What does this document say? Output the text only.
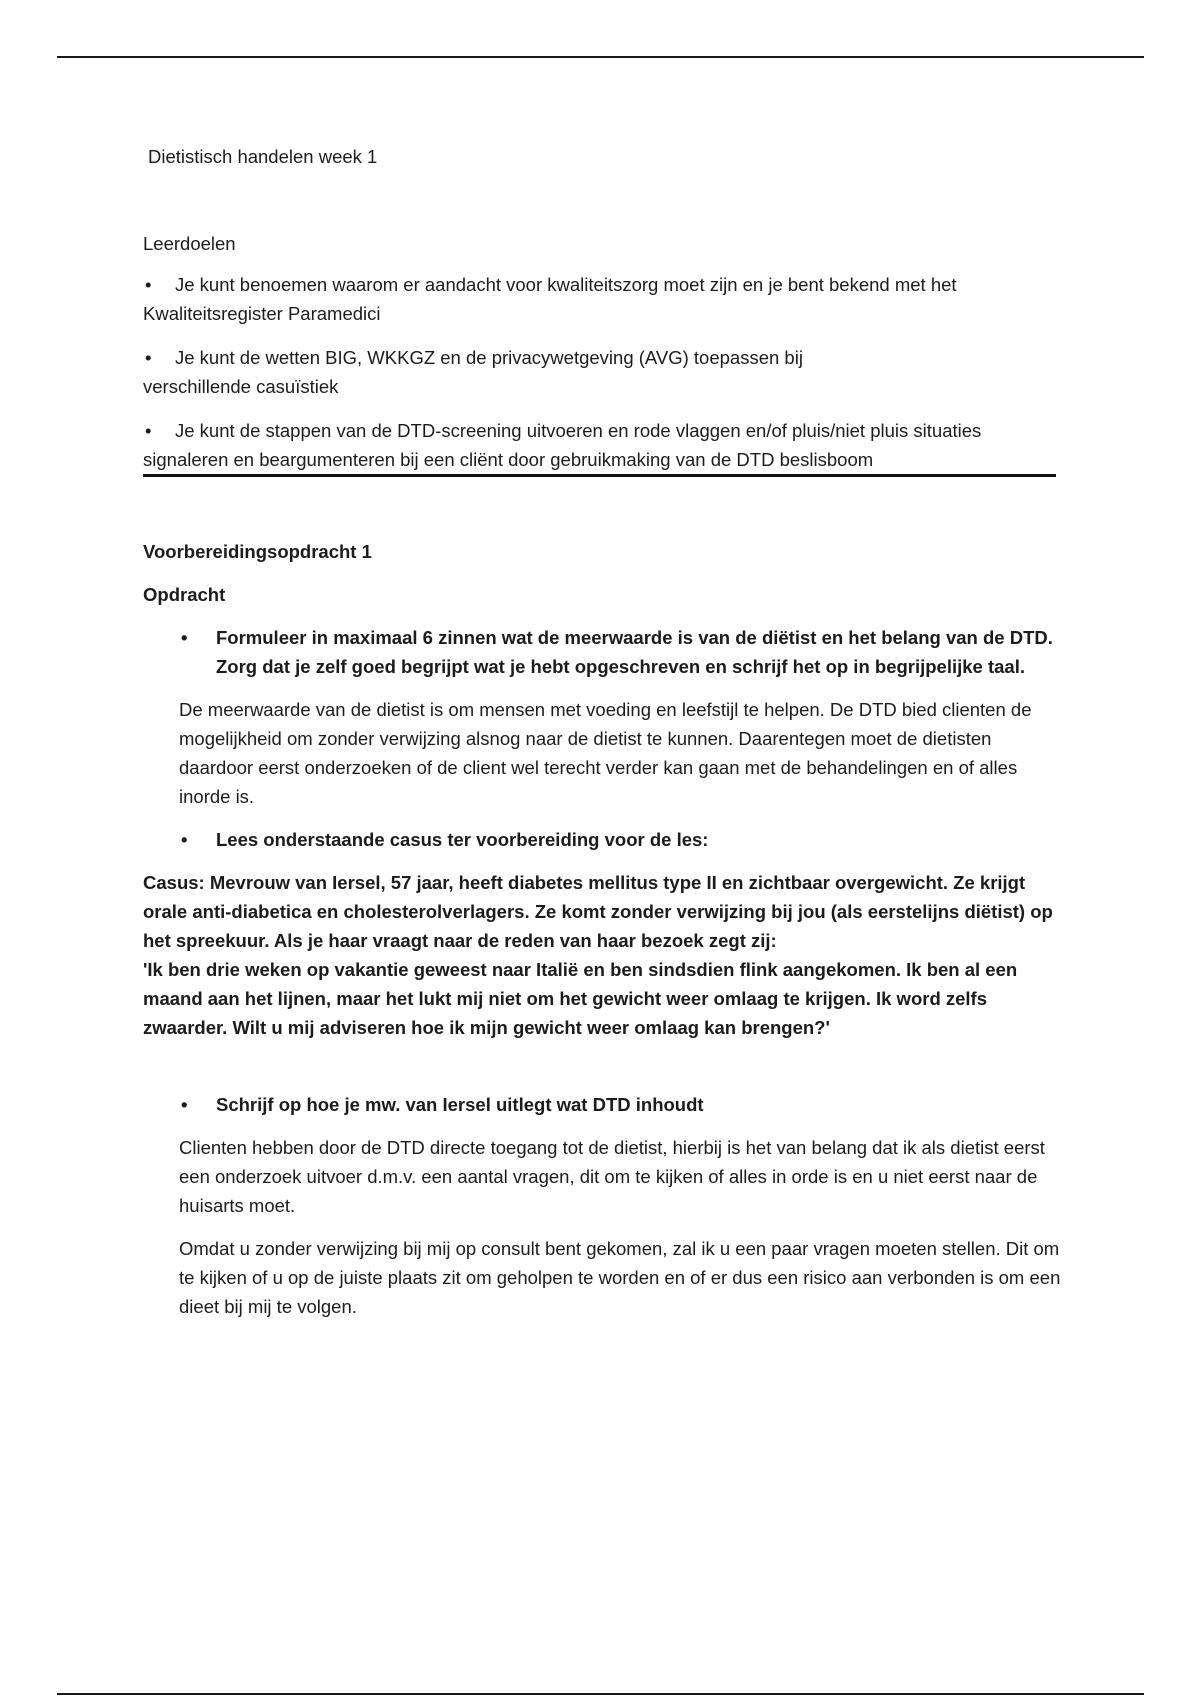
Dietistisch handelen week 1

Leerdoelen

• Je kunt benoemen waarom er aandacht voor kwaliteitszorg moet zijn en je bent bekend met het Kwaliteitsregister Paramedici

• Je kunt de wetten BIG, WKKGZ en de privacywetgeving (AVG) toepassen bij verschillende casuïstiek

• Je kunt de stappen van de DTD-screening uitvoeren en rode vlaggen en/of pluis/niet pluis situaties signaleren en beargumenteren bij een cliënt door gebruikmaking van de DTD beslisboom

Voorbereidingsopdracht 1

Opdracht

• Formuleer in maximaal 6 zinnen wat de meerwaarde is van de diëtist en het belang van de DTD. Zorg dat je zelf goed begrijpt wat je hebt opgeschreven en schrijf het op in begrijpelijke taal.

De meerwaarde van de dietist is om mensen met voeding en leefstijl te helpen. De DTD bied clienten de mogelijkheid om zonder verwijzing alsnog naar de dietist te kunnen. Daarentegen moet de dietisten daardoor eerst onderzoeken of de client wel terecht verder kan gaan met de behandelingen en of alles inorde is.

• Lees onderstaande casus ter voorbereiding voor de les:

Casus: Mevrouw van Iersel, 57 jaar, heeft diabetes mellitus type II en zichtbaar overgewicht. Ze krijgt orale anti-diabetica en cholesterolverlagers. Ze komt zonder verwijzing bij jou (als eerstelijns diëtist) op het spreekuur. Als je haar vraagt naar de reden van haar bezoek zegt zij:

'Ik ben drie weken op vakantie geweest naar Italië en ben sindsdien flink aangekomen. Ik ben al een maand aan het lijnen, maar het lukt mij niet om het gewicht weer omlaag te krijgen. Ik word zelfs zwaarder. Wilt u mij adviseren hoe ik mijn gewicht weer omlaag kan brengen?'

• Schrijf op hoe je mw. van Iersel uitlegt wat DTD inhoudt

Clienten hebben door de DTD directe toegang tot de dietist, hierbij is het van belang dat ik als dietist eerst een onderzoek uitvoer d.m.v. een aantal vragen, dit om te kijken of alles in orde is en u niet eerst naar de huisarts moet.

Omdat u zonder verwijzing bij mij op consult bent gekomen, zal ik u een paar vragen moeten stellen. Dit om te kijken of u op de juiste plaats zit om geholpen te worden en of er dus een risico aan verbonden is om een dieet bij mij te volgen.
